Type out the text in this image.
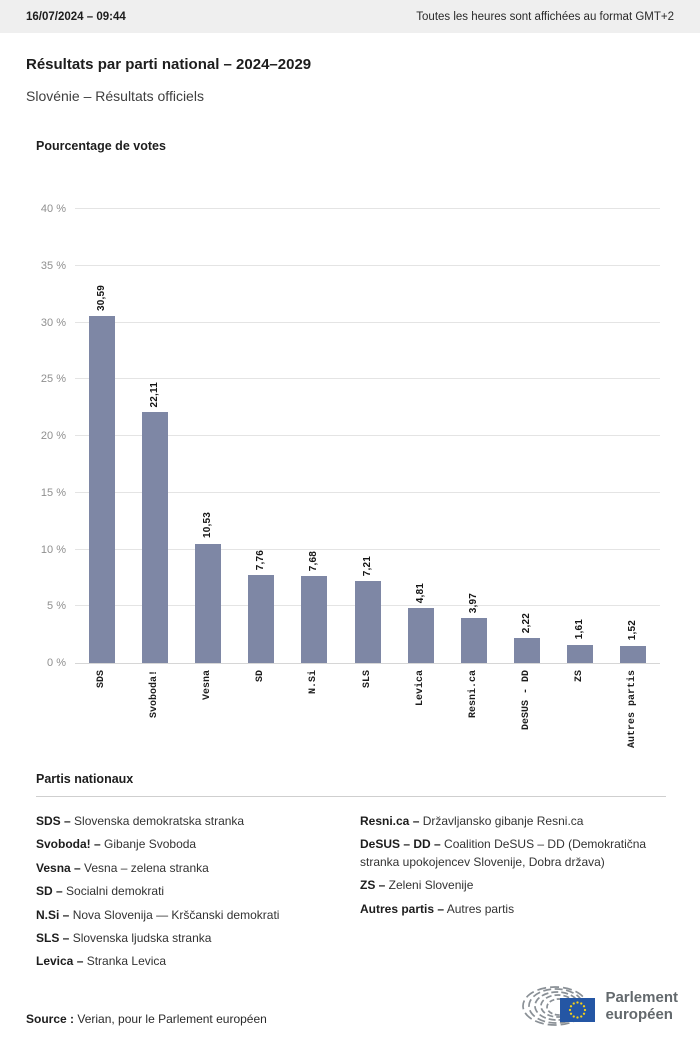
16/07/2024 – 09:44	Toutes les heures sont affichées au format GMT+2
Résultats par parti national – 2024–2029
Slovénie – Résultats officiels
Pourcentage de votes
0 %
5 %
10 %
15 %
20 %
25 %
30 %
35 %
40 %
30,59
SDS
22,11
Svoboda!
10,53
Vesna
7,76
SD
7,68
N.Si
7,21
SLS
4,81
Levica
3,97
Resni.ca
2,22
DeSUS - DD
1,61
ZS
1,52
Autres partis
Partis nationaux
SDS – Slovenska demokratska stranka
Svoboda! – Gibanje Svoboda
Vesna – Vesna – zelena stranka
SD – Socialni demokrati
N.Si – Nova Slovenija — Krščanski demokrati
SLS – Slovenska ljudska stranka
Levica – Stranka Levica
Resni.ca – Državljansko gibanje Resni.ca
DeSUS – DD – Coalition DeSUS – DD (Demokratična stranka upokojencev Slovenije, Dobra država)
ZS – Zeleni Slovenije
Autres partis – Autres partis
Source : Verian, pour le Parlement européen
Parlement
européen
